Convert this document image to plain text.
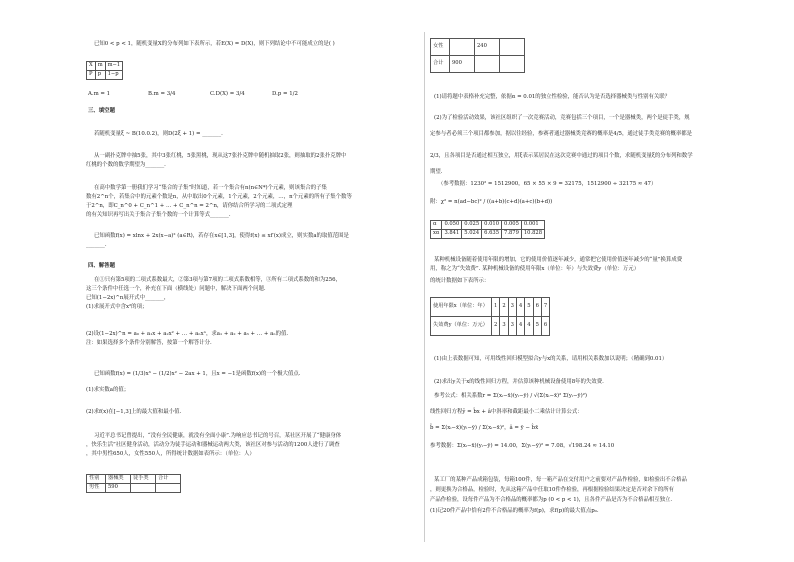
已知0 < p < 1，随机变量X的分布列如下表所示，若E(X) = D(X)，则下列结论中不可能成立的是( )
X	m	m−1
P	p	1−p
A.m = 1	B.m = 3/4	C.D(X) = 3/4	D.p = 1/2
三、填空题
若随机变量ξ ~ B(10.0.2)，则D(2ξ + 1) = _______.
从一副扑克牌中抽5张，其中3张红桃，5张黑桃，现从这7张扑克牌中随机抽取2张，则抽取的2张扑克牌中
红桃的个数的数学期望为_______.
在高中数学第一册我们学习“集合的子集”时知道，若一个集合有n(n∈N*)个元素，则该集合的子集
数有2^n个，若集合中的元素个数是n，从中取出0个元素，1个元素，2个元素，…，n个元素的所有子集个数等
于2^n，即C_n^0 + C_n^1 + … + C_n^n = 2^n，请你结合所学习的二项式定理
的有关知识再写出关于集合子集个数的一个计算等式_______.
已知函数f(x) = xlnx + 2x(x−a)² (a∈R)，若存在x∈[1,3]，使得f(x) ≤ xf′(x)成立，则实数a的取值范围是
_______.
四、解答题
在①只有第5项的二项式系数最大，②第3项与第7项的二项式系数相等，③所有二项式系数的和为256，
这三个条件中任选一个，补充在下面（横线处）问题中，解决下面两个问题.
已知(1−2x)^n展开式中_______，
(1)求展开式中含x²的项；
(2)设(1−2x)^n = a₀ + a₁x + a₂x² + … + aₙxⁿ，求a₁ + a₂ + a₃ + … + aₙ的值.
注：如果选择多个条件分别解答，按第一个解答计分.
已知函数f(x) = (1/3)x³ − (1/2)x² − 2ax + 1，且x = −1是函数f(x)的一个极大值点.
(1)求实数a的值；
(2)求f(x)在[−1,3]上的最大值和最小值.
习近平总书记曾提出，“没有全民健康，就没有全面小康”.为响应总书记的号召，某社区开展了“健康身体
，快乐生活”社区健身活动，活动分为徒手运动和器械运动两大类，该社区对参与活动的1200人进行了调查
，其中男性650人，女性550人，所得统计数据如表所示：（单位：人）
性别	器械类	徒手类	合计
男性	590		
女性		240	
合计	900		
(1)请将题中表格补充完整，依据α = 0.01的独立性检验，能否认为是否选择器械类与性别有关联？
(2)为了检验活动效果，该社区组织了一次竞赛活动，竞赛包括三个项目，一个是器械类，两个是徒手类，规
定参与者必须三个项目都参加，据以往经验，参赛者通过器械类竞赛的概率是4/5，通过徒手类竞赛的概率都是
2/3，且各项目是否通过相互独立，用ξ表示某居民在这次竞赛中通过的项目个数，求随机变量ξ的分布列和数学
期望.
（参考数据：1230² = 1512900，65 × 55 × 9 = 32175，1512900 ÷ 32175 ≈ 47）
附：χ² = n(ad−bc)² / ((a+b)(c+d)(a+c)(b+d))
α	0.050	0.025	0.010	0.005	0.001
xα	3.841	5.024	6.635	7.879	10.828
某种机械设备随着使用年限的增加，它的使用价值逐年减少，通常把它使用价值逐年减少的“量”换算成费
用，称之为“失效费”. 某种机械设备的使用年限x（单位：年）与失效费y（单位：万元）
的统计数据如下表所示：
使用年限x（单位：年）	1	2	3	4	5	6	7
失效费y（单位：万元）	2	3	3	4	4	5	6
(1)由上表数据可知，可用线性回归模型拟合y与x的关系，请用相关系数加以说明；（精确到0.01）
(2)求出y关于x的线性回归方程，并估算该种机械设备使用8年的失效费.
参考公式：相关系数r = Σ(xᵢ−x̄)(yᵢ−ȳ) / √(Σ(xᵢ−x̄)² Σ(yᵢ−ȳ)²)
线性回归方程ŷ = b̂x + â中斜率和截距最小二乘估计计算公式：
b̂ = Σ(xᵢ−x̄)(yᵢ−ȳ) / Σ(xᵢ−x̄)²，â = ȳ − b̂x̄
参考数据：Σ(xᵢ−x̄)(yᵢ−ȳ) = 14.00，Σ(yᵢ−ȳ)² = 7.08，√198.24 ≈ 14.10
某工厂的某种产品成箱包装，每箱100件，每一箱产品在交付用户之前要对产品作检验，如检验出不合格品
，则更换为合格品，检验时，先从这箱产品中任取10件作检验，再根据检验结果决定是否对余下的所有
产品作检验，设每件产品为不合格品的概率都为p (0 < p < 1)，且各件产品是否为不合格品相互独立.
(1)记20件产品中恰有2件不合格品的概率为f(p)，求f(p)的最大值点p₀.
